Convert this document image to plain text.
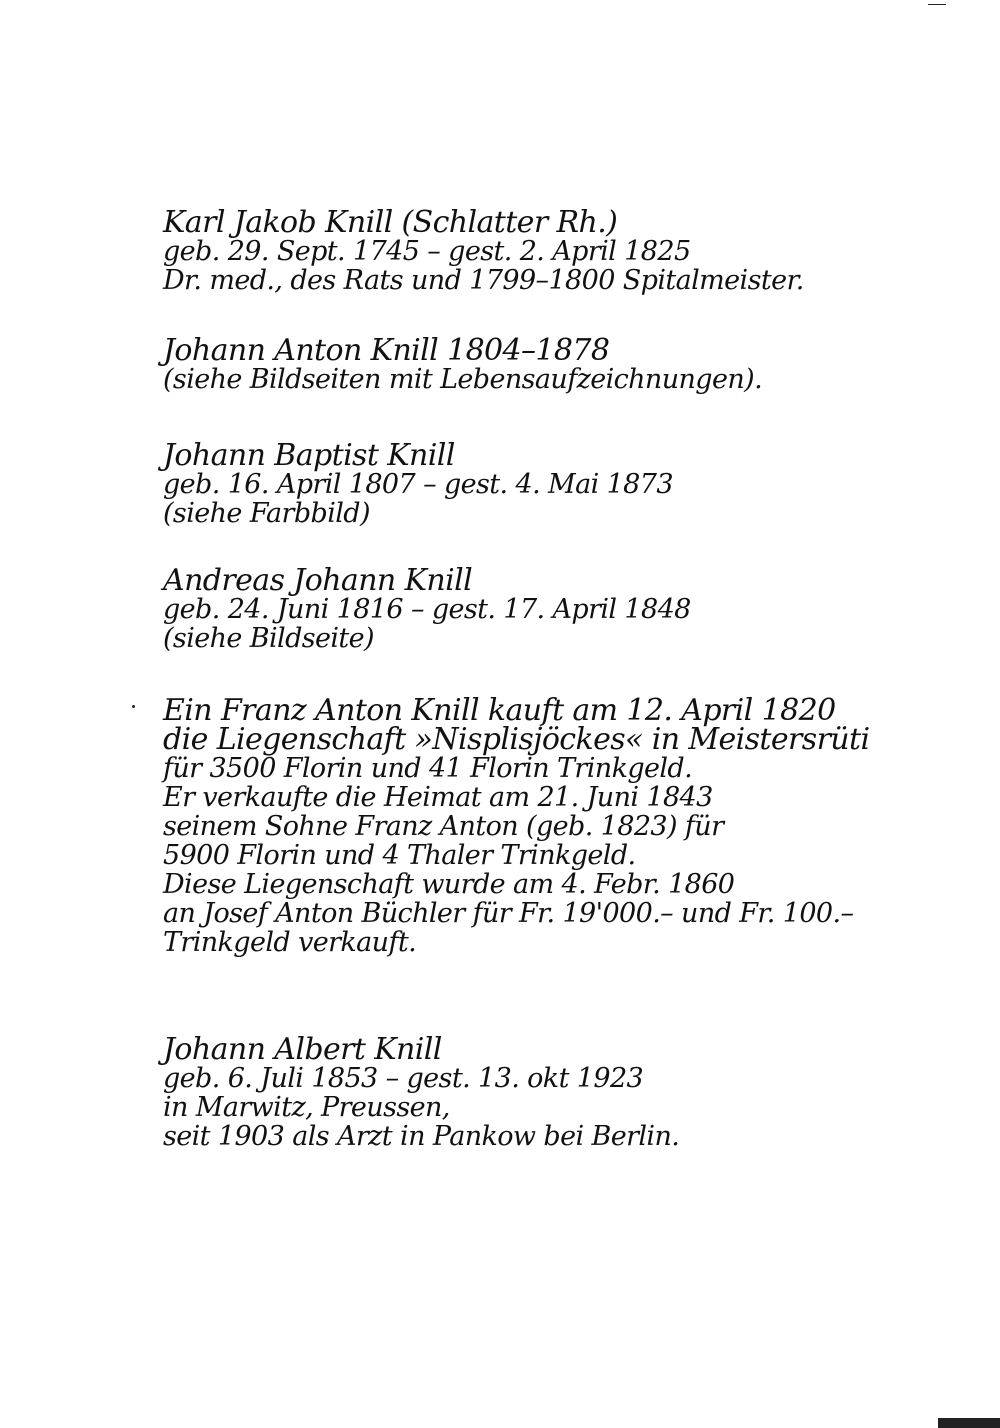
Karl Jakob Knill (Schlatter Rh.)
geb. 29. Sept. 1745 – gest. 2. April 1825
Dr. med., des Rats und 1799–1800 Spitalmeister.
Johann Anton Knill 1804–1878
(siehe Bildseiten mit Lebensaufzeichnungen).
Johann Baptist Knill
geb. 16. April 1807 – gest. 4. Mai 1873
(siehe Farbbild)
Andreas Johann Knill
geb. 24. Juni 1816 – gest. 17. April 1848
(siehe Bildseite)
Ein Franz Anton Knill kauft am 12. April 1820
die Liegenschaft »Nisplisjöckes« in Meistersrüti
für 3500 Florin und 41 Florin Trinkgeld.
Er verkaufte die Heimat am 21. Juni 1843
seinem Sohne Franz Anton (geb. 1823) für
5900 Florin und 4 Thaler Trinkgeld.
Diese Liegenschaft wurde am 4. Febr. 1860
an Josef Anton Büchler für Fr. 19'000.– und Fr. 100.–
Trinkgeld verkauft.
Johann Albert Knill
geb. 6. Juli 1853 – gest. 13. okt 1923
in Marwitz, Preussen,
seit 1903 als Arzt in Pankow bei Berlin.
